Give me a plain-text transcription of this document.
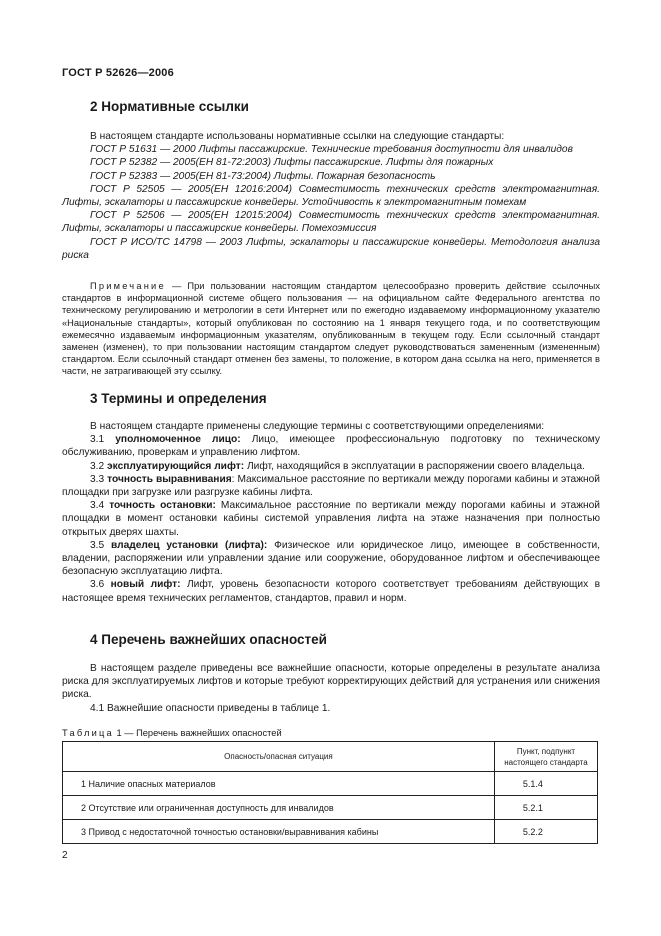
ГОСТ Р 52626—2006
2 Нормативные ссылки

В настоящем стандарте использованы нормативные ссылки на следующие стандарты:

ГОСТ Р 51631 — 2000 Лифты пассажирские. Технические требования доступности для инвалидов

ГОСТ Р 52382 — 2005(ЕН 81-72:2003) Лифты пассажирские. Лифты для пожарных

ГОСТ Р 52383 — 2005(ЕН 81-73:2004) Лифты. Пожарная безопасность

ГОСТ Р 52505 — 2005(ЕН 12016:2004) Совместимость технических средств электромагнитная. Лифты, эскалаторы и пассажирские конвейеры. Устойчивость к электромагнитным помехам

ГОСТ Р 52506 — 2005(ЕН 12015:2004) Совместимость технических средств электромагнитная. Лифты, эскалаторы и пассажирские конвейеры. Помехоэмиссия

ГОСТ Р ИСО/ТС 14798 — 2003 Лифты, эскалаторы и пассажирские конвейеры. Методология анализа риска

Примечание — При пользовании настоящим стандартом целесообразно проверить действие ссылочных стандартов в информационной системе общего пользования — на официальном сайте Федерального агентства по техническому регулированию и метрологии в сети Интернет или по ежегодно издаваемому информационному указателю «Национальные стандарты», который опубликован по состоянию на 1 января текущего года, и по соответствующим ежемесячно издаваемым информационным указателям, опубликованным в текущем году. Если ссылочный стандарт заменен (изменен), то при пользовании настоящим стандартом следует руководствоваться замененным (измененным) стандартом. Если ссылочный стандарт отменен без замены, то положение, в котором дана ссылка на него, применяется в части, не затрагивающей эту ссылку.

3 Термины и определения

В настоящем стандарте применены следующие термины с соответствующими определениями:

3.1 уполномоченное лицо: Лицо, имеющее профессиональную подготовку по техническому обслуживанию, проверкам и управлению лифтом.

3.2 эксплуатирующийся лифт: Лифт, находящийся в эксплуатации в распоряжении своего владельца.

3.3 точность выравнивания: Максимальное расстояние по вертикали между порогами кабины и этажной площадки при загрузке или разгрузке кабины лифта.

3.4 точность остановки: Максимальное расстояние по вертикали между порогами кабины и этажной площадки в момент остановки кабины системой управления лифта на этаже назначения при полностью открытых дверях шахты.

3.5 владелец установки (лифта): Физическое или юридическое лицо, имеющее в собственности, владении, распоряжении или управлении здание или сооружение, оборудованное лифтом и обеспечивающее безопасную эксплуатацию лифта.

3.6 новый лифт: Лифт, уровень безопасности которого соответствует требованиям действующих в настоящее время технических регламентов, стандартов, правил и норм.

4 Перечень важнейших опасностей

В настоящем разделе приведены все важнейшие опасности, которые определены в результате анализа риска для эксплуатируемых лифтов и которые требуют корректирующих действий для устранения или снижения риска.

4.1 Важнейшие опасности приведены в таблице 1.

Таблица 1 — Перечень важнейших опасностей
Опасность/опасная ситуация	Пункт, подпункт настоящего стандарта
1 Наличие опасных материалов	5.1.4
2 Отсутствие или ограниченная доступность для инвалидов	5.2.1
3 Привод с недостаточной точностью остановки/выравнивания кабины	5.2.2
2
